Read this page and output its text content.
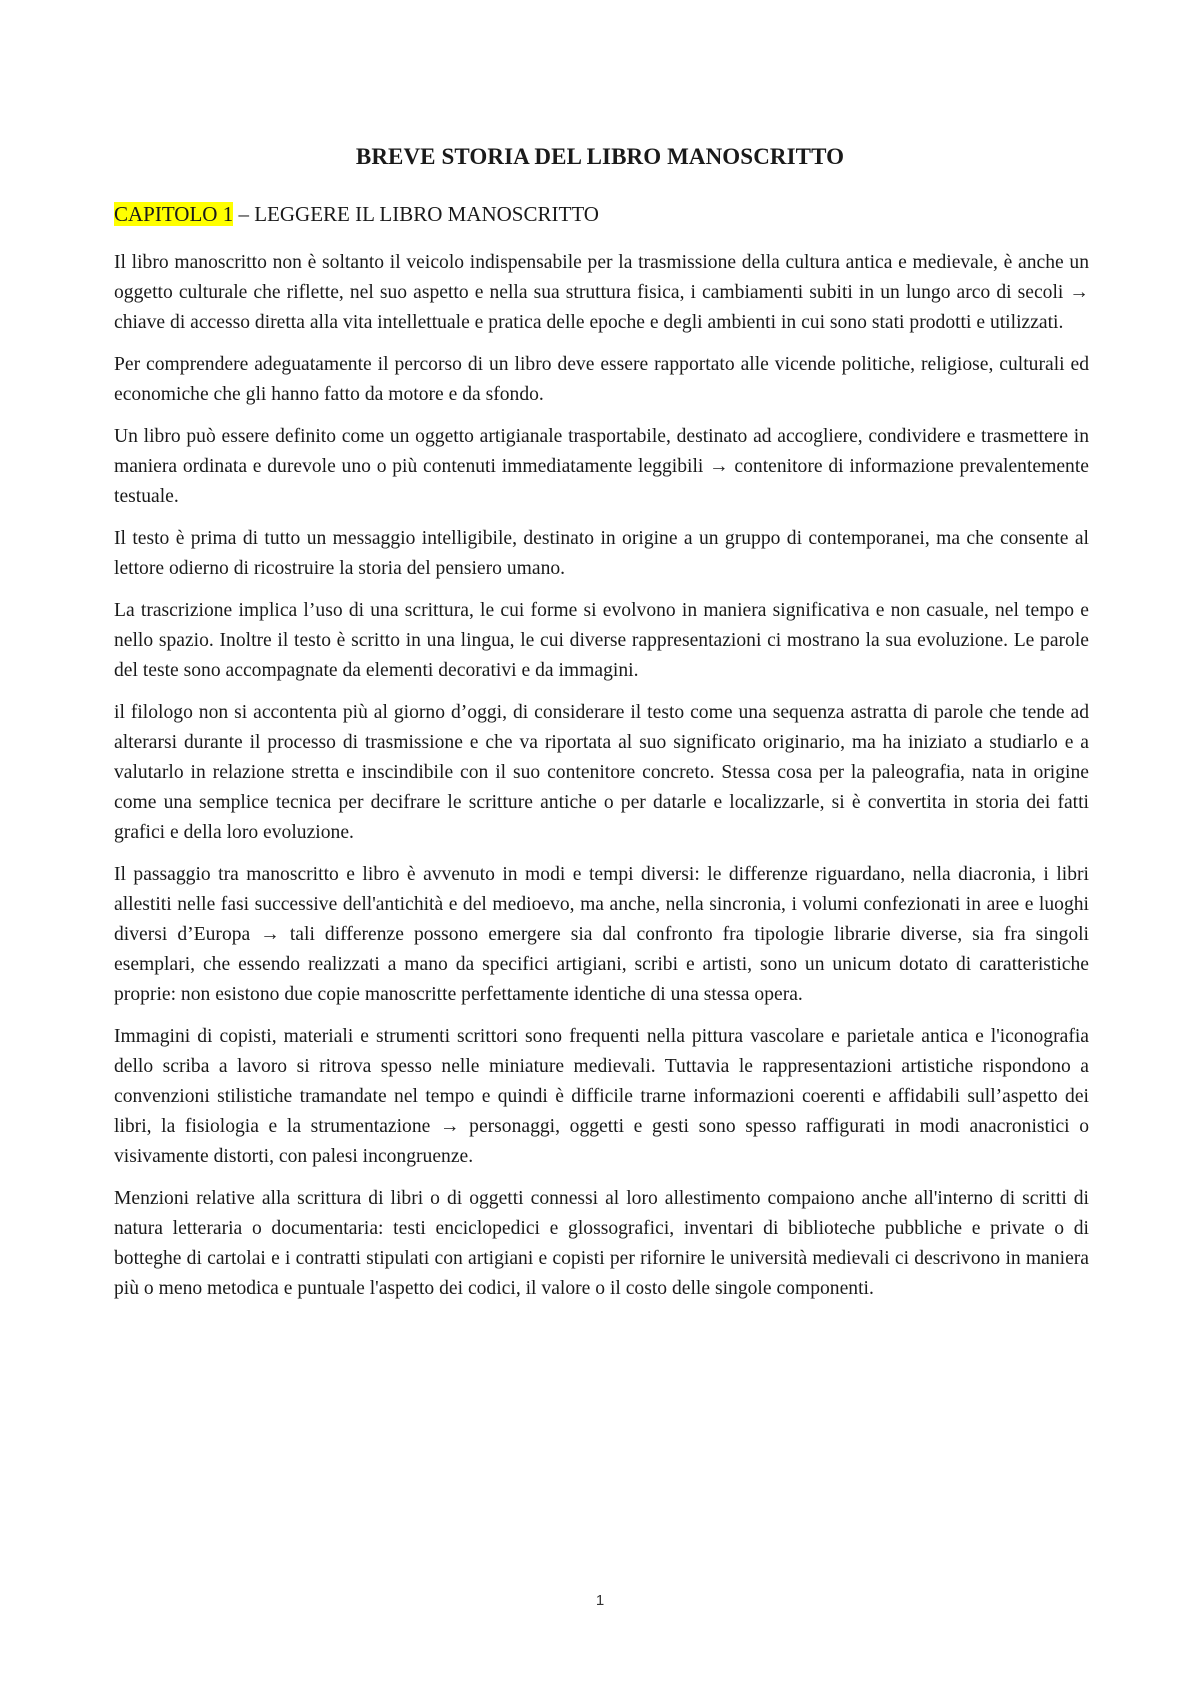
BREVE STORIA DEL LIBRO MANOSCRITTO
CAPITOLO 1 – LEGGERE IL LIBRO MANOSCRITTO

Il libro manoscritto non è soltanto il veicolo indispensabile per la trasmissione della cultura antica e medievale, è anche un oggetto culturale che riflette, nel suo aspetto e nella sua struttura fisica, i cambiamenti subiti in un lungo arco di secoli → chiave di accesso diretta alla vita intellettuale e pratica delle epoche e degli ambienti in cui sono stati prodotti e utilizzati.

Per comprendere adeguatamente il percorso di un libro deve essere rapportato alle vicende politiche, religiose, culturali ed economiche che gli hanno fatto da motore e da sfondo.

Un libro può essere definito come un oggetto artigianale trasportabile, destinato ad accogliere, condividere e trasmettere in maniera ordinata e durevole uno o più contenuti immediatamente leggibili → contenitore di informazione prevalentemente testuale.

Il testo è prima di tutto un messaggio intelligibile, destinato in origine a un gruppo di contemporanei, ma che consente al lettore odierno di ricostruire la storia del pensiero umano.

La trascrizione implica l’uso di una scrittura, le cui forme si evolvono in maniera significativa e non casuale, nel tempo e nello spazio. Inoltre il testo è scritto in una lingua, le cui diverse rappresentazioni ci mostrano la sua evoluzione. Le parole del teste sono accompagnate da elementi decorativi e da immagini.

il filologo non si accontenta più al giorno d’oggi, di considerare il testo come una sequenza astratta di parole che tende ad alterarsi durante il processo di trasmissione e che va riportata al suo significato originario, ma ha iniziato a studiarlo e a valutarlo in relazione stretta e inscindibile con il suo contenitore concreto. Stessa cosa per la paleografia, nata in origine come una semplice tecnica per decifrare le scritture antiche o per datarle e localizzarle, si è convertita in storia dei fatti grafici e della loro evoluzione.

Il passaggio tra manoscritto e libro è avvenuto in modi e tempi diversi: le differenze riguardano, nella diacronia, i libri allestiti nelle fasi successive dell'antichità e del medioevo, ma anche, nella sincronia, i volumi confezionati in aree e luoghi diversi d’Europa → tali differenze possono emergere sia dal confronto fra tipologie librarie diverse, sia fra singoli esemplari, che essendo realizzati a mano da specifici artigiani, scribi e artisti, sono un unicum dotato di caratteristiche proprie: non esistono due copie manoscritte perfettamente identiche di una stessa opera.

Immagini di copisti, materiali e strumenti scrittori sono frequenti nella pittura vascolare e parietale antica e l'iconografia dello scriba a lavoro si ritrova spesso nelle miniature medievali. Tuttavia le rappresentazioni artistiche rispondono a convenzioni stilistiche tramandate nel tempo e quindi è difficile trarne informazioni coerenti e affidabili sull’aspetto dei libri, la fisiologia e la strumentazione → personaggi, oggetti e gesti sono spesso raffigurati in modi anacronistici o visivamente distorti, con palesi incongruenze.

Menzioni relative alla scrittura di libri o di oggetti connessi al loro allestimento compaiono anche all'interno di scritti di natura letteraria o documentaria: testi enciclopedici e glossografici, inventari di biblioteche pubbliche e private o di botteghe di cartolai e i contratti stipulati con artigiani e copisti per rifornire le università medievali ci descrivono in maniera più o meno metodica e puntuale l'aspetto dei codici, il valore o il costo delle singole componenti.

1
